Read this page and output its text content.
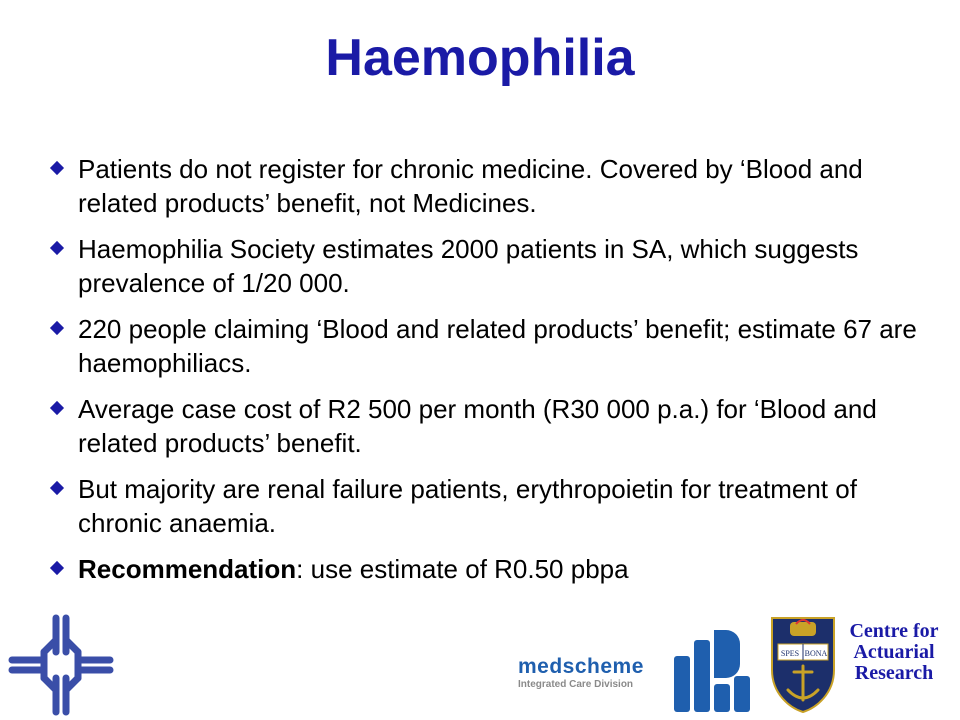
Haemophilia
Patients do not register for chronic medicine. Covered by ‘Blood and related products’ benefit, not Medicines.
Haemophilia Society estimates 2000 patients in SA, which suggests prevalence of 1/20 000.
220 people claiming ‘Blood and related products’ benefit; estimate 67 are haemophiliacs.
Average case cost of R2 500 per month (R30 000 p.a.) for ‘Blood and related products’ benefit.
But majority are renal failure patients, erythropoietin for treatment of chronic anaemia.
Recommendation: use estimate of R0.50 pbpa
medscheme
Integrated Care Division
SPES BONA
Centre for
Actuarial
Research
